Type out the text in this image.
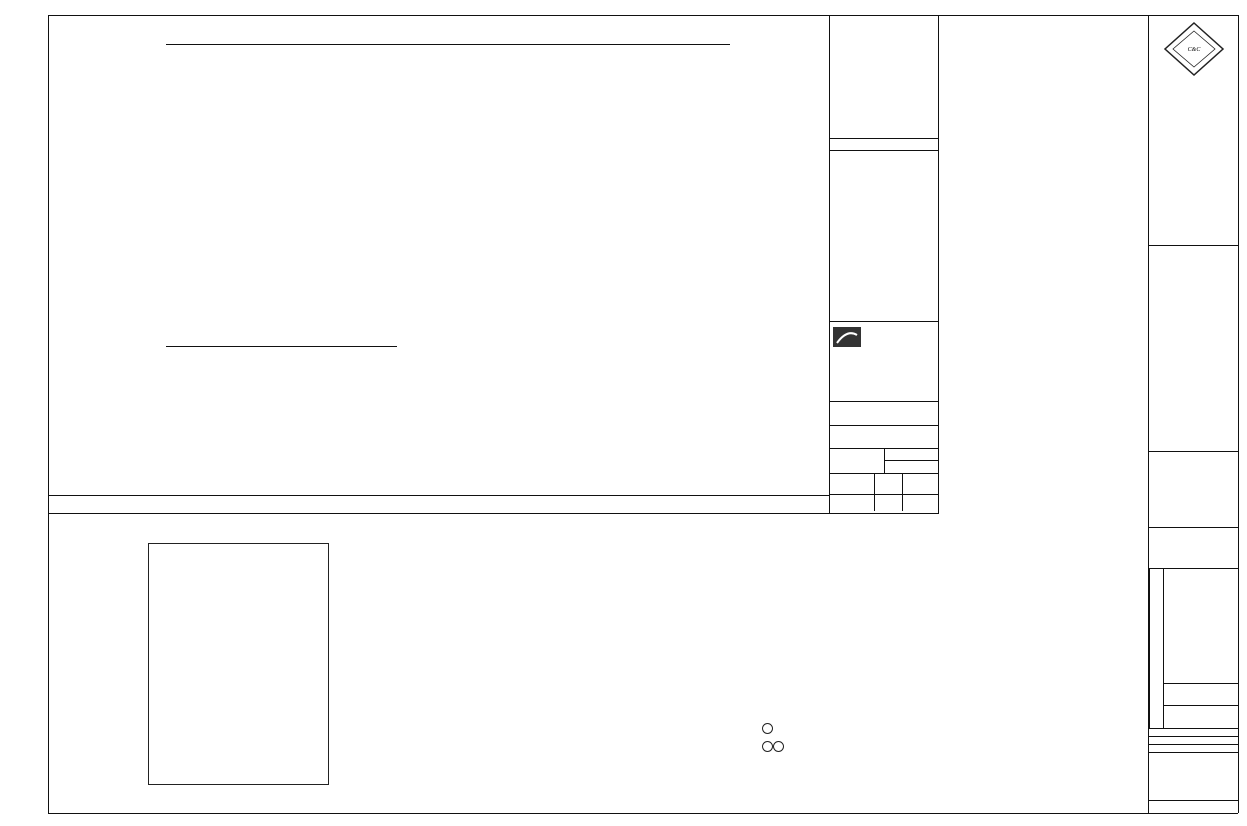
C&C
